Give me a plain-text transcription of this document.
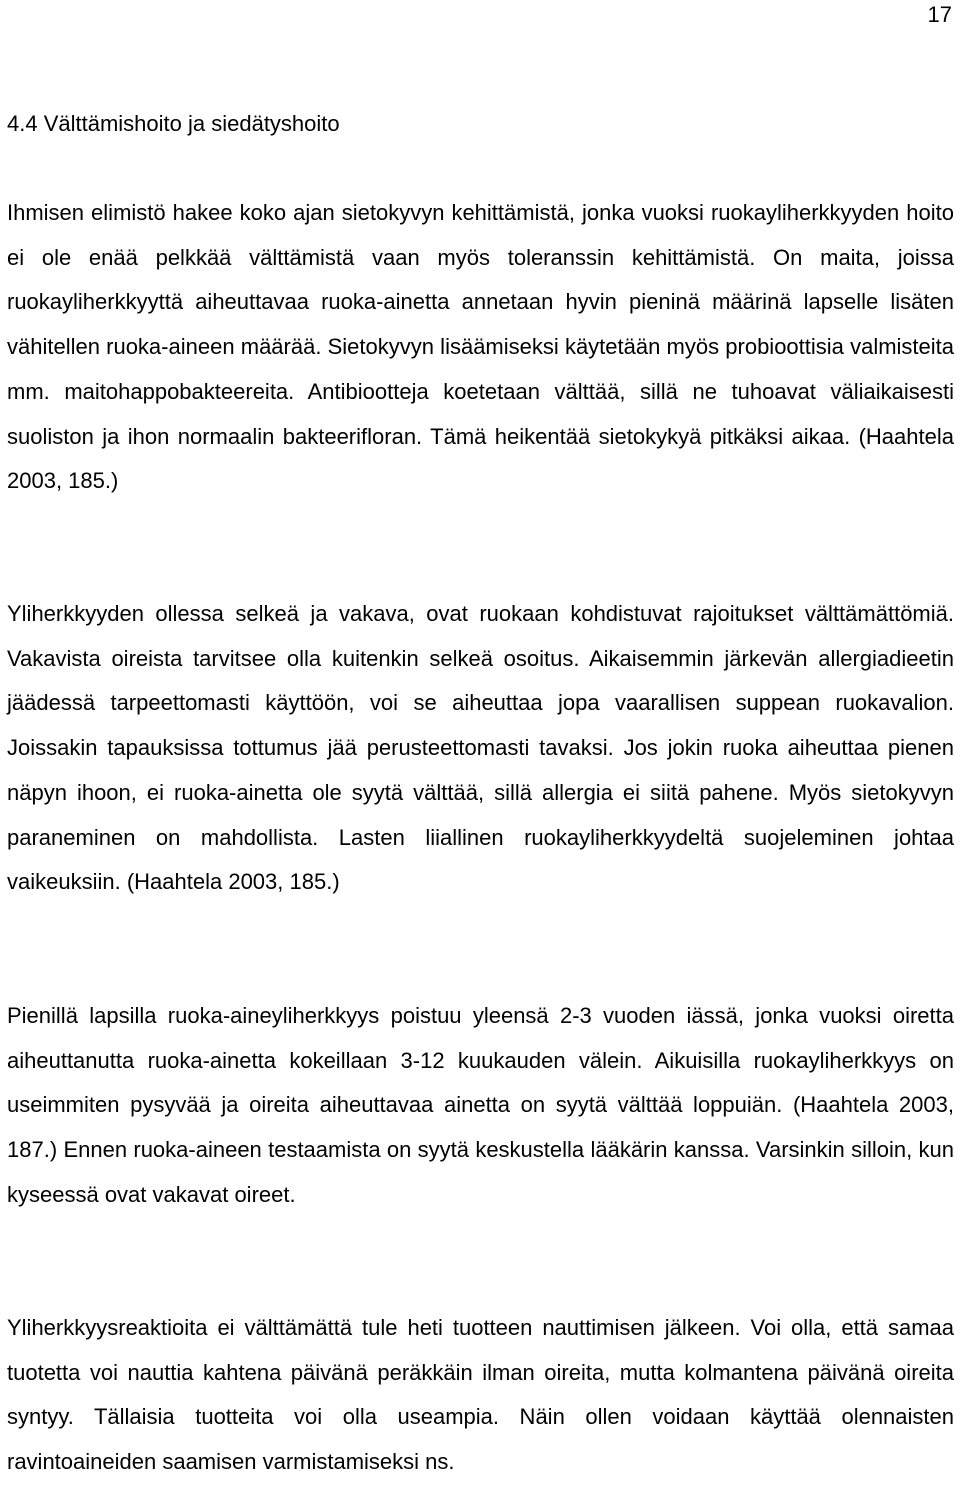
17
4.4 Välttämishoito ja siedätyshoito

Ihmisen elimistö hakee koko ajan sietokyvyn kehittämistä, jonka vuoksi ruokayliherkkyyden hoito ei ole enää pelkkää välttämistä vaan myös toleranssin kehittämistä. On maita, joissa ruokayliherkkyyttä aiheuttavaa ruoka-ainetta annetaan hyvin pieninä määrinä lapselle lisäten vähitellen ruoka-aineen määrää. Sietokyvyn lisäämiseksi käytetään myös probioottisia valmisteita mm. maitohappobakteereita. Antibiootteja koetetaan välttää, sillä ne tuhoavat väliaikaisesti suoliston ja ihon normaalin bakteerifloran. Tämä heikentää sietokykyä pitkäksi aikaa. (Haahtela 2003, 185.)

Yliherkkyyden ollessa selkeä ja vakava, ovat ruokaan kohdistuvat rajoitukset välttämättömiä. Vakavista oireista tarvitsee olla kuitenkin selkeä osoitus. Aikaisemmin järkevän allergiadieetin jäädessä tarpeettomasti käyttöön, voi se aiheuttaa jopa vaarallisen suppean ruokavalion. Joissakin tapauksissa tottumus jää perusteettomasti tavaksi. Jos jokin ruoka aiheuttaa pienen näpyn ihoon, ei ruoka-ainetta ole syytä välttää, sillä allergia ei siitä pahene. Myös sietokyvyn paraneminen on mahdollista. Lasten liiallinen ruokayliherkkyydeltä suojeleminen johtaa vaikeuksiin. (Haahtela 2003, 185.)

Pienillä lapsilla ruoka-aineyliherkkyys poistuu yleensä 2-3 vuoden iässä, jonka vuoksi oiretta aiheuttanutta ruoka-ainetta kokeillaan 3-12 kuukauden välein. Aikuisilla ruokayliherkkyys on useimmiten pysyvää ja oireita aiheuttavaa ainetta on syytä välttää loppuiän. (Haahtela 2003, 187.) Ennen ruoka-aineen testaamista on syytä keskustella lääkärin kanssa. Varsinkin silloin, kun kyseessä ovat vakavat oireet.

Yliherkkyysreaktioita ei välttämättä tule heti tuotteen nauttimisen jälkeen. Voi olla, että samaa tuotetta voi nauttia kahtena päivänä peräkkäin ilman oireita, mutta kolmantena päivänä oireita syntyy. Tällaisia tuotteita voi olla useampia. Näin ollen voidaan käyttää olennaisten ravintoaineiden saamisen varmistamiseksi ns.
